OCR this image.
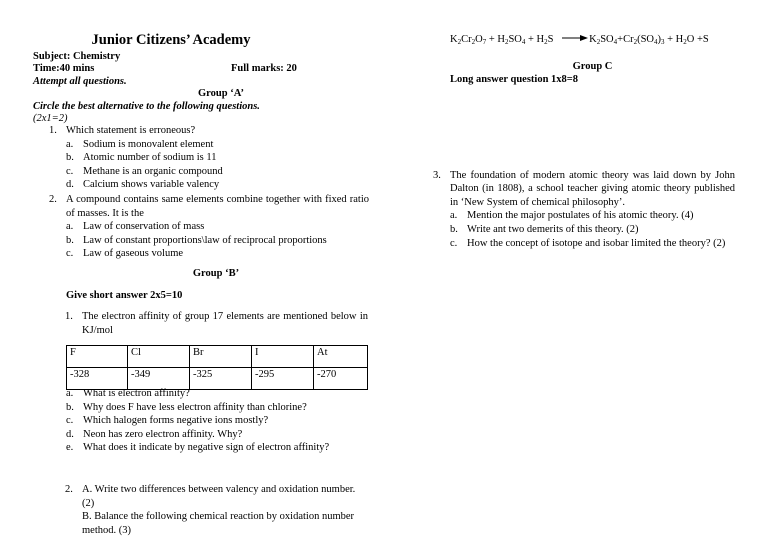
Junior Citizens’ Academy
Subject: Chemistry
Time:40 mins	Full marks: 20
Attempt all questions.
Group ‘A’
Circle the best alternative to the following questions.
(2x1=2)
1. Which statement is erroneous?
a. Sodium is monovalent element
b. Atomic number of sodium is 11
c. Methane is an organic compound
d. Calcium shows variable valency
2. A compound contains same elements combine together with fixed ratio of masses. It is the
a. Law of conservation of mass
b. Law of constant proportions\law of reciprocal proportions
c. Law of gaseous volume
Group ‘B’
Give short answer 2x5=10
1. The electron affinity of group 17 elements are mentioned below in KJ/mol
F	Cl	Br	I	At
-328	-349	-325	-295	-270
a. What is electron affinity?
b. Why does F have less electron affinity than chlorine?
c. Which halogen forms negative ions mostly?
d. Neon has zero electron affinity. Why?
e. What does it indicate by negative sign of electron affinity?
2. A. Write two differences between valency and oxidation number. (2)
B. Balance the following chemical reaction by oxidation number method. (3)
$K_2Cr_2O_7 + H_2SO_4 + H_2S \to K_2SO_4+Cr_2(SO_4)_3 + H_2O +S$
Group C
Long answer question 1x8=8
3. The foundation of modern atomic theory was laid down by John Dalton (in 1808), a school teacher giving atomic theory published in ‘New System of chemical philosophy’.
a. Mention the major postulates of his atomic theory. (4)
b. Write ant two demerits of this theory. (2)
c. How the concept of isotope and isobar limited the theory? (2)
